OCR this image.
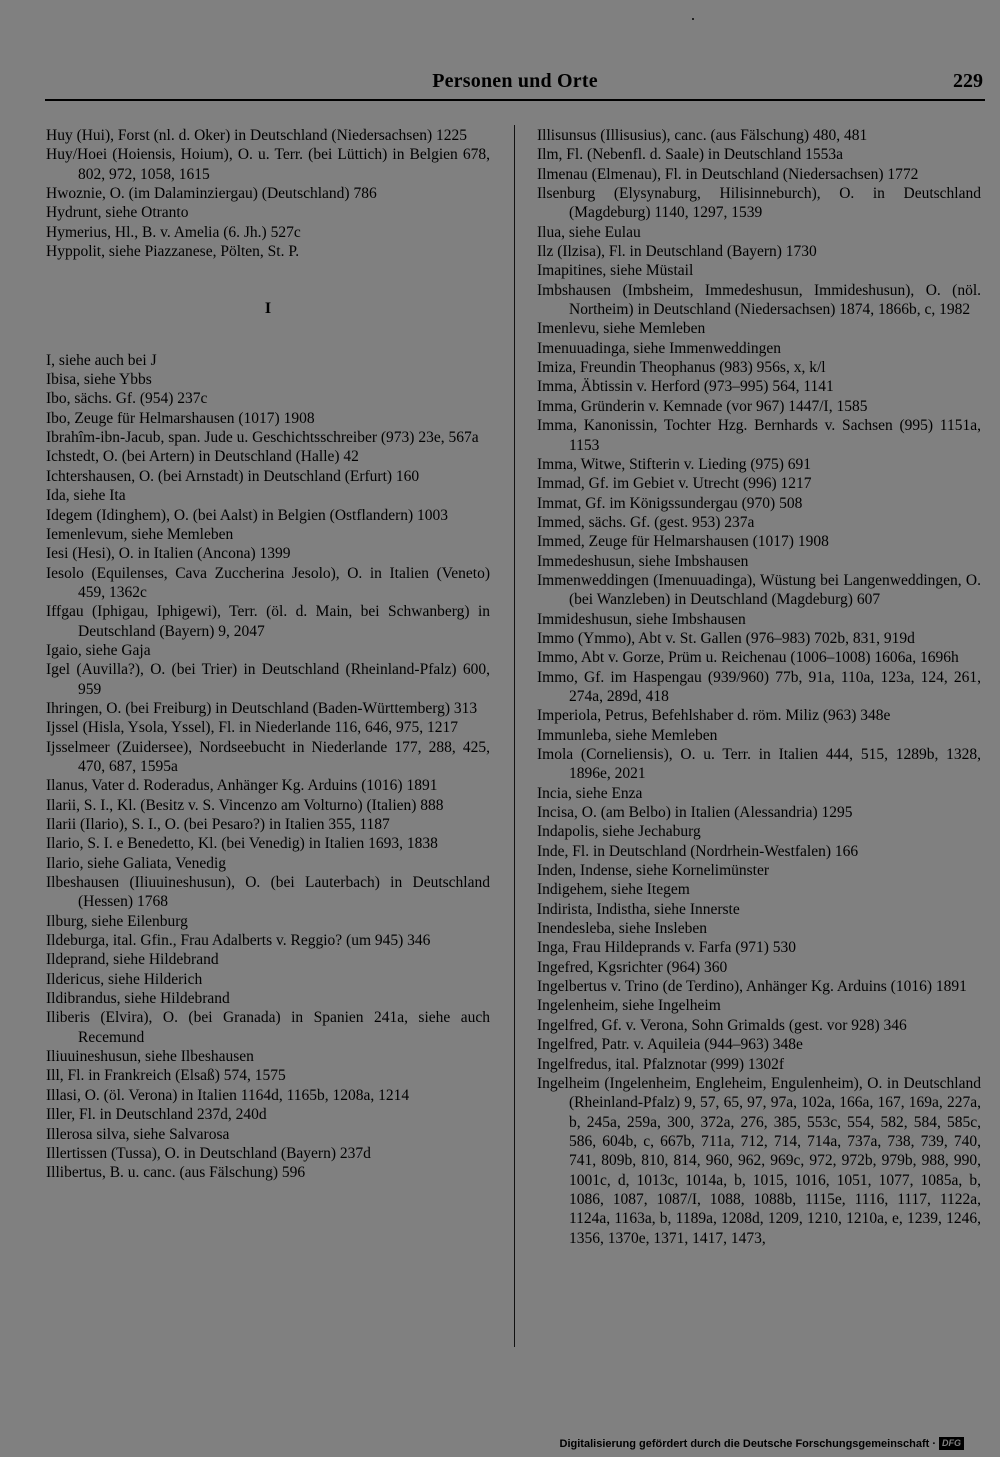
Personen und Orte	229

Huy (Hui), Forst (nl. d. Oker) in Deutschland (Niedersachsen) 1225

Huy/Hoei (Hoiensis, Hoium), O. u. Terr. (bei Lüttich) in Belgien 678, 802, 972, 1058, 1615

Hwoznie, O. (im Dalaminziergau) (Deutschland) 786

Hydrunt, siehe Otranto

Hymerius, Hl., B. v. Amelia (6. Jh.) 527c

Hyppolit, siehe Piazzanese, Pölten, St. P.

I

I, siehe auch bei J

Ibisa, siehe Ybbs

Ibo, sächs. Gf. (954) 237c

Ibo, Zeuge für Helmarshausen (1017) 1908

Ibrahîm-ibn-Jacub, span. Jude u. Geschichtsschreiber (973) 23e, 567a

Ichstedt, O. (bei Artern) in Deutschland (Halle) 42

Ichtershausen, O. (bei Arnstadt) in Deutschland (Erfurt) 160

Ida, siehe Ita

Idegem (Idinghem), O. (bei Aalst) in Belgien (Ostflandern) 1003

Iemenlevum, siehe Memleben

Iesi (Hesi), O. in Italien (Ancona) 1399

Iesolo (Equilenses, Cava Zuccherina Jesolo), O. in Italien (Veneto) 459, 1362c

Iffgau (Iphigau, Iphigewi), Terr. (öl. d. Main, bei Schwanberg) in Deutschland (Bayern) 9, 2047

Igaio, siehe Gaja

Igel (Auvilla?), O. (bei Trier) in Deutschland (Rheinland-Pfalz) 600, 959

Ihringen, O. (bei Freiburg) in Deutschland (Baden-Württemberg) 313

Ijssel (Hisla, Ysola, Yssel), Fl. in Niederlande 116, 646, 975, 1217

Ijsselmeer (Zuidersee), Nordseebucht in Niederlande 177, 288, 425, 470, 687, 1595a

Ilanus, Vater d. Roderadus, Anhänger Kg. Arduins (1016) 1891

Ilarii, S. I., Kl. (Besitz v. S. Vincenzo am Volturno) (Italien) 888

Ilarii (Ilario), S. I., O. (bei Pesaro?) in Italien 355, 1187

Ilario, S. I. e Benedetto, Kl. (bei Venedig) in Italien 1693, 1838

Ilario, siehe Galiata, Venedig

Ilbeshausen (Iliuuineshusun), O. (bei Lauterbach) in Deutschland (Hessen) 1768

Ilburg, siehe Eilenburg

Ildeburga, ital. Gfin., Frau Adalberts v. Reggio? (um 945) 346

Ildeprand, siehe Hildebrand

Ildericus, siehe Hilderich

Ildibrandus, siehe Hildebrand

Iliberis (Elvira), O. (bei Granada) in Spanien 241a, siehe auch Recemund

Iliuuineshusun, siehe Ilbeshausen

Ill, Fl. in Frankreich (Elsaß) 574, 1575

Illasi, O. (öl. Verona) in Italien 1164d, 1165b, 1208a, 1214

Iller, Fl. in Deutschland 237d, 240d

Illerosa silva, siehe Salvarosa

Illertissen (Tussa), O. in Deutschland (Bayern) 237d

Illibertus, B. u. canc. (aus Fälschung) 596

Illisunsus (Illisusius), canc. (aus Fälschung) 480, 481

Ilm, Fl. (Nebenfl. d. Saale) in Deutschland 1553a

Ilmenau (Elmenau), Fl. in Deutschland (Niedersachsen) 1772

Ilsenburg (Elysynaburg, Hilisinneburch), O. in Deutschland (Magdeburg) 1140, 1297, 1539

Ilua, siehe Eulau

Ilz (Ilzisa), Fl. in Deutschland (Bayern) 1730

Imapitines, siehe Müstail

Imbshausen (Imbsheim, Immedeshusun, Immideshusun), O. (nöl. Northeim) in Deutschland (Niedersachsen) 1874, 1866b, c, 1982

Imenlevu, siehe Memleben

Imenuuadinga, siehe Immenweddingen

Imiza, Freundin Theophanus (983) 956s, x, k/l

Imma, Äbtissin v. Herford (973–995) 564, 1141

Imma, Gründerin v. Kemnade (vor 967) 1447/I, 1585

Imma, Kanonissin, Tochter Hzg. Bernhards v. Sachsen (995) 1151a, 1153

Imma, Witwe, Stifterin v. Lieding (975) 691

Immad, Gf. im Gebiet v. Utrecht (996) 1217

Immat, Gf. im Königssundergau (970) 508

Immed, sächs. Gf. (gest. 953) 237a

Immed, Zeuge für Helmarshausen (1017) 1908

Immedeshusun, siehe Imbshausen

Immenweddingen (Imenuuadinga), Wüstung bei Langenweddingen, O. (bei Wanzleben) in Deutschland (Magdeburg) 607

Immideshusun, siehe Imbshausen

Immo (Ymmo), Abt v. St. Gallen (976–983) 702b, 831, 919d

Immo, Abt v. Gorze, Prüm u. Reichenau (1006–1008) 1606a, 1696h

Immo, Gf. im Haspengau (939/960) 77b, 91a, 110a, 123a, 124, 261, 274a, 289d, 418

Imperiola, Petrus, Befehlshaber d. röm. Miliz (963) 348e

Immunleba, siehe Memleben

Imola (Corneliensis), O. u. Terr. in Italien 444, 515, 1289b, 1328, 1896e, 2021

Incia, siehe Enza

Incisa, O. (am Belbo) in Italien (Alessandria) 1295

Indapolis, siehe Jechaburg

Inde, Fl. in Deutschland (Nordrhein-Westfalen) 166

Inden, Indense, siehe Kornelimünster

Indigehem, siehe Itegem

Indirista, Indistha, siehe Innerste

Inendesleba, siehe Insleben

Inga, Frau Hildeprands v. Farfa (971) 530

Ingefred, Kgsrichter (964) 360

Ingelbertus v. Trino (de Terdino), Anhänger Kg. Arduins (1016) 1891

Ingelenheim, siehe Ingelheim

Ingelfred, Gf. v. Verona, Sohn Grimalds (gest. vor 928) 346

Ingelfred, Patr. v. Aquileia (944–963) 348e

Ingelfredus, ital. Pfalznotar (999) 1302f

Ingelheim (Ingelenheim, Engleheim, Engulenheim), O. in Deutschland (Rheinland-Pfalz) 9, 57, 65, 97, 97a, 102a, 166a, 167, 169a, 227a, b, 245a, 259a, 300, 372a, 276, 385, 553c, 554, 582, 584, 585c, 586, 604b, c, 667b, 711a, 712, 714, 714a, 737a, 738, 739, 740, 741, 809b, 810, 814, 960, 962, 969c, 972, 972b, 979b, 988, 990, 1001c, d, 1013c, 1014a, b, 1015, 1016, 1051, 1077, 1085a, b, 1086, 1087, 1087/I, 1088, 1088b, 1115e, 1116, 1117, 1122a, 1124a, 1163a, b, 1189a, 1208d, 1209, 1210, 1210a, e, 1239, 1246, 1356, 1370e, 1371, 1417, 1473,

Digitalisierung gefördert durch die Deutsche Forschungsgemeinschaft · DFG
